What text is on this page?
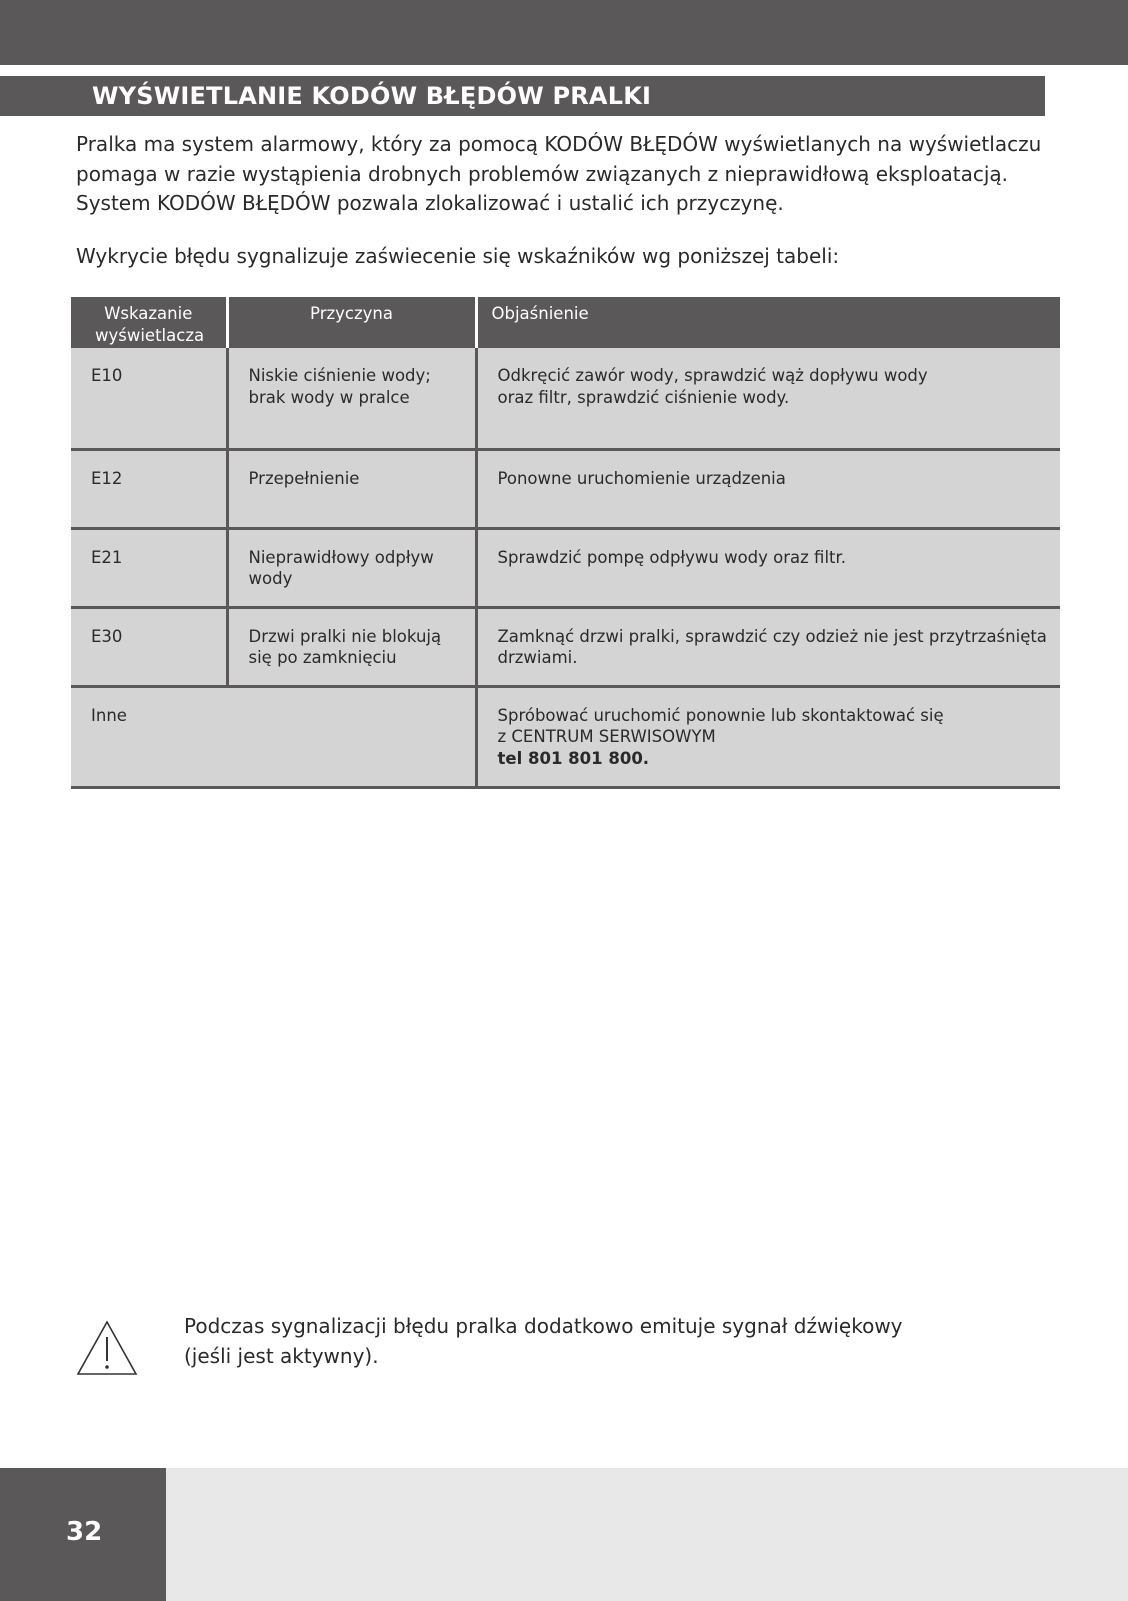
WYŚWIETLANIE KODÓW BŁĘDÓW PRALKI

Pralka ma system alarmowy, który za pomocą KODÓW BŁĘDÓW wyświetlanych na wyświetlaczu pomaga w razie wystąpienia drobnych problemów związanych z nieprawidłową eksploatacją. System KODÓW BŁĘDÓW pozwala zlokalizować i ustalić ich przyczynę.

Wykrycie błędu sygnalizuje zaświecenie się wskaźników wg poniższej tabeli:

Wskazanie wyświetlacza	Przyczyna	Objaśnienie
E10	Niskie ciśnienie wody; brak wody w pralce	Odkręcić zawór wody, sprawdzić wąż dopływu wody oraz filtr, sprawdzić ciśnienie wody.
E12	Przepełnienie	Ponowne uruchomienie urządzenia
E21	Nieprawidłowy odpływ wody	Sprawdzić pompę odpływu wody oraz filtr.
E30	Drzwi pralki nie blokują się po zamknięciu	Zamknąć drzwi pralki, sprawdzić czy odzież nie jest przytrzaśnięta drzwiami.
Inne		Spróbować uruchomić ponownie lub skontaktować się
z CENTRUM SERWISOWYM
tel 801 801 800.

Podczas sygnalizacji błędu pralka dodatkowo emituje sygnał dźwiękowy
(jeśli jest aktywny).

32
